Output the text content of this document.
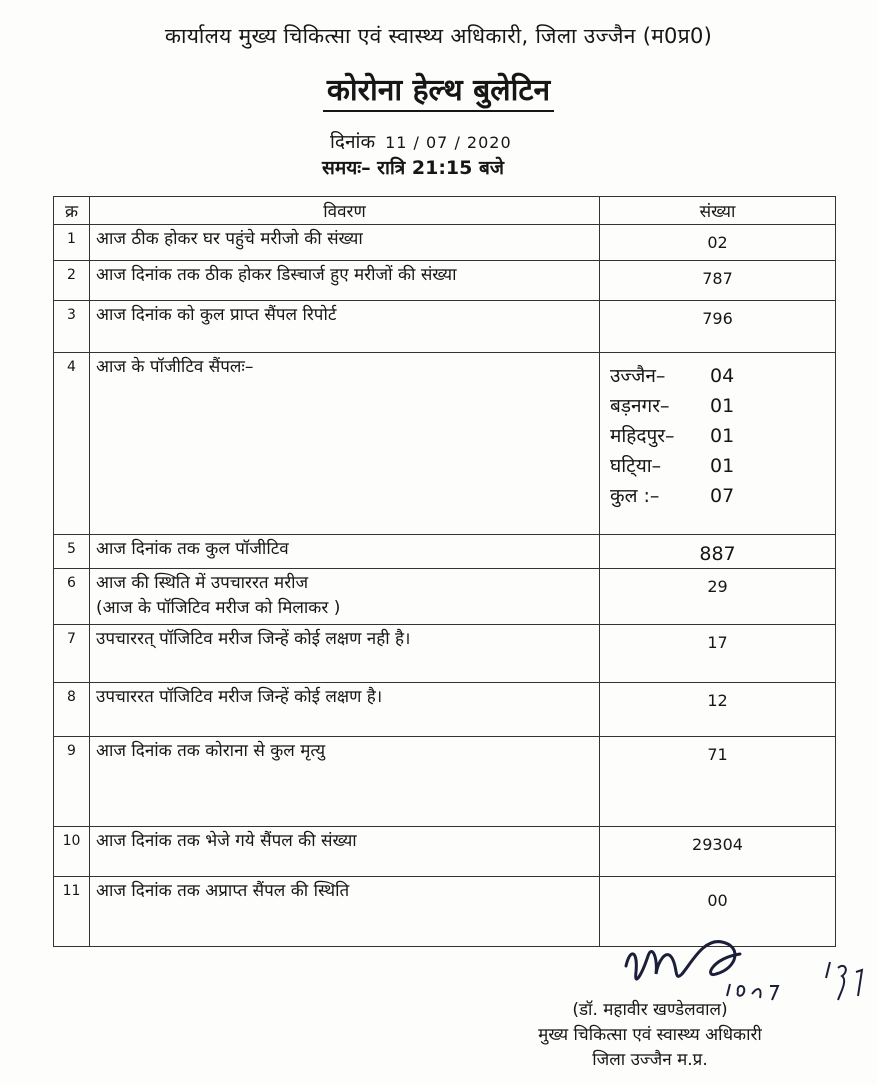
कार्यालय मुख्य चिकित्सा एवं स्वास्थ्य अधिकारी, जिला उज्जैन (म0प्र0)
कोरोना हेल्थ बुलेटिन
दिनांक 11 / 07 / 2020
समयः– रात्रि 21:15 बजे
क्र	विवरण	संख्या
1	आज ठीक होकर घर पहुंचे मरीजो की संख्या	02
2	आज दिनांक तक ठीक होकर डिस्चार्ज हुए मरीजों की संख्या	787
3	आज दिनांक को कुल प्राप्त सैंपल रिपोर्ट	796
4	आज के पॉजीटिव सैंपलः–	उज्जैन– 04
बड़नगर– 01
महिदपुर– 01
घटि्या– 01
कुल :– 07

5	आज दिनांक तक कुल पॉजीटिव	887
6	आज की स्थिति में उपचाररत मरीज
(आज के पॉजिटिव मरीज को मिलाकर )	29
7	उपचाररत् पॉजिटिव मरीज जिन्हें कोई लक्षण नही है।	17
8	उपचाररत पॉजिटिव मरीज जिन्हें कोई लक्षण है।	12
9	आज दिनांक तक कोराना से कुल मृत्यु	71
10	आज दिनांक तक भेजे गये सैंपल की संख्या	29304
11	आज दिनांक तक अप्राप्त सैंपल की स्थिति	00
(डॉ. महावीर खण्डेलवाल)
मुख्य चिकित्सा एवं स्वास्थ्य अधिकारी
जिला उज्जैन म.प्र.
